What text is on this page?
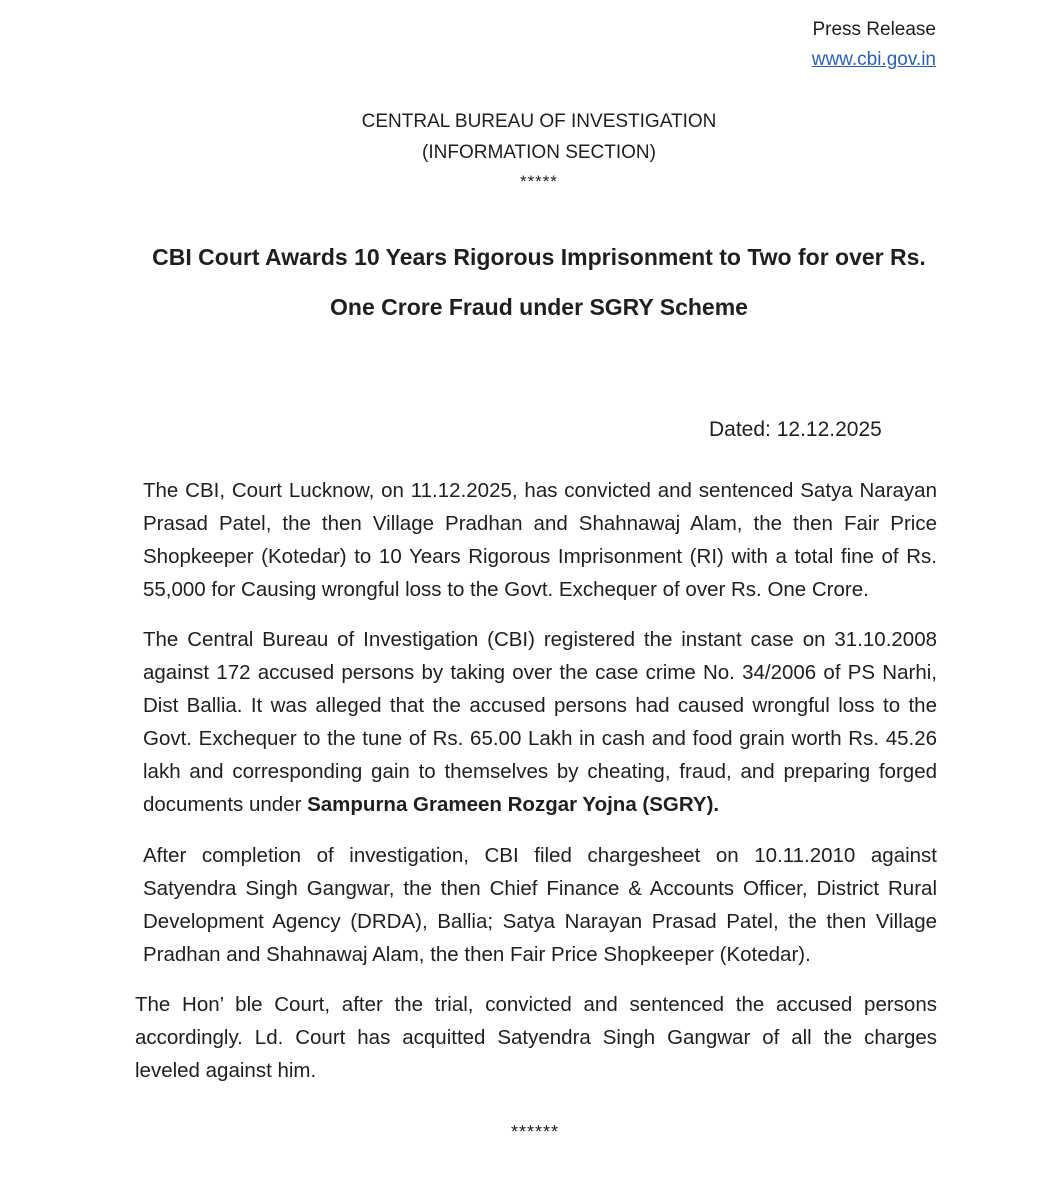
Press Release
www.cbi.gov.in
CENTRAL BUREAU OF INVESTIGATION
(INFORMATION SECTION)
*****
CBI Court Awards 10 Years Rigorous Imprisonment to Two for over Rs. One Crore Fraud under SGRY Scheme
Dated: 12.12.2025

The CBI, Court Lucknow, on 11.12.2025, has convicted and sentenced Satya Narayan Prasad Patel, the then Village Pradhan and Shahnawaj Alam, the then Fair Price Shopkeeper (Kotedar) to 10 Years Rigorous Imprisonment (RI) with a total fine of Rs. 55,000 for Causing wrongful loss to the Govt. Exchequer of over Rs. One Crore.

The Central Bureau of Investigation (CBI) registered the instant case on 31.10.2008 against 172 accused persons by taking over the case crime No. 34/2006 of PS Narhi, Dist Ballia. It was alleged that the accused persons had caused wrongful loss to the Govt. Exchequer to the tune of Rs. 65.00 Lakh in cash and food grain worth Rs. 45.26 lakh and corresponding gain to themselves by cheating, fraud, and preparing forged documents under Sampurna Grameen Rozgar Yojna (SGRY).

After completion of investigation, CBI filed chargesheet on 10.11.2010 against Satyendra Singh Gangwar, the then Chief Finance & Accounts Officer, District Rural Development Agency (DRDA), Ballia; Satya Narayan Prasad Patel, the then Village Pradhan and Shahnawaj Alam, the then Fair Price Shopkeeper (Kotedar).

The Hon’ ble Court, after the trial, convicted and sentenced the accused persons accordingly. Ld. Court has acquitted Satyendra Singh Gangwar of all the charges leveled against him.

******
